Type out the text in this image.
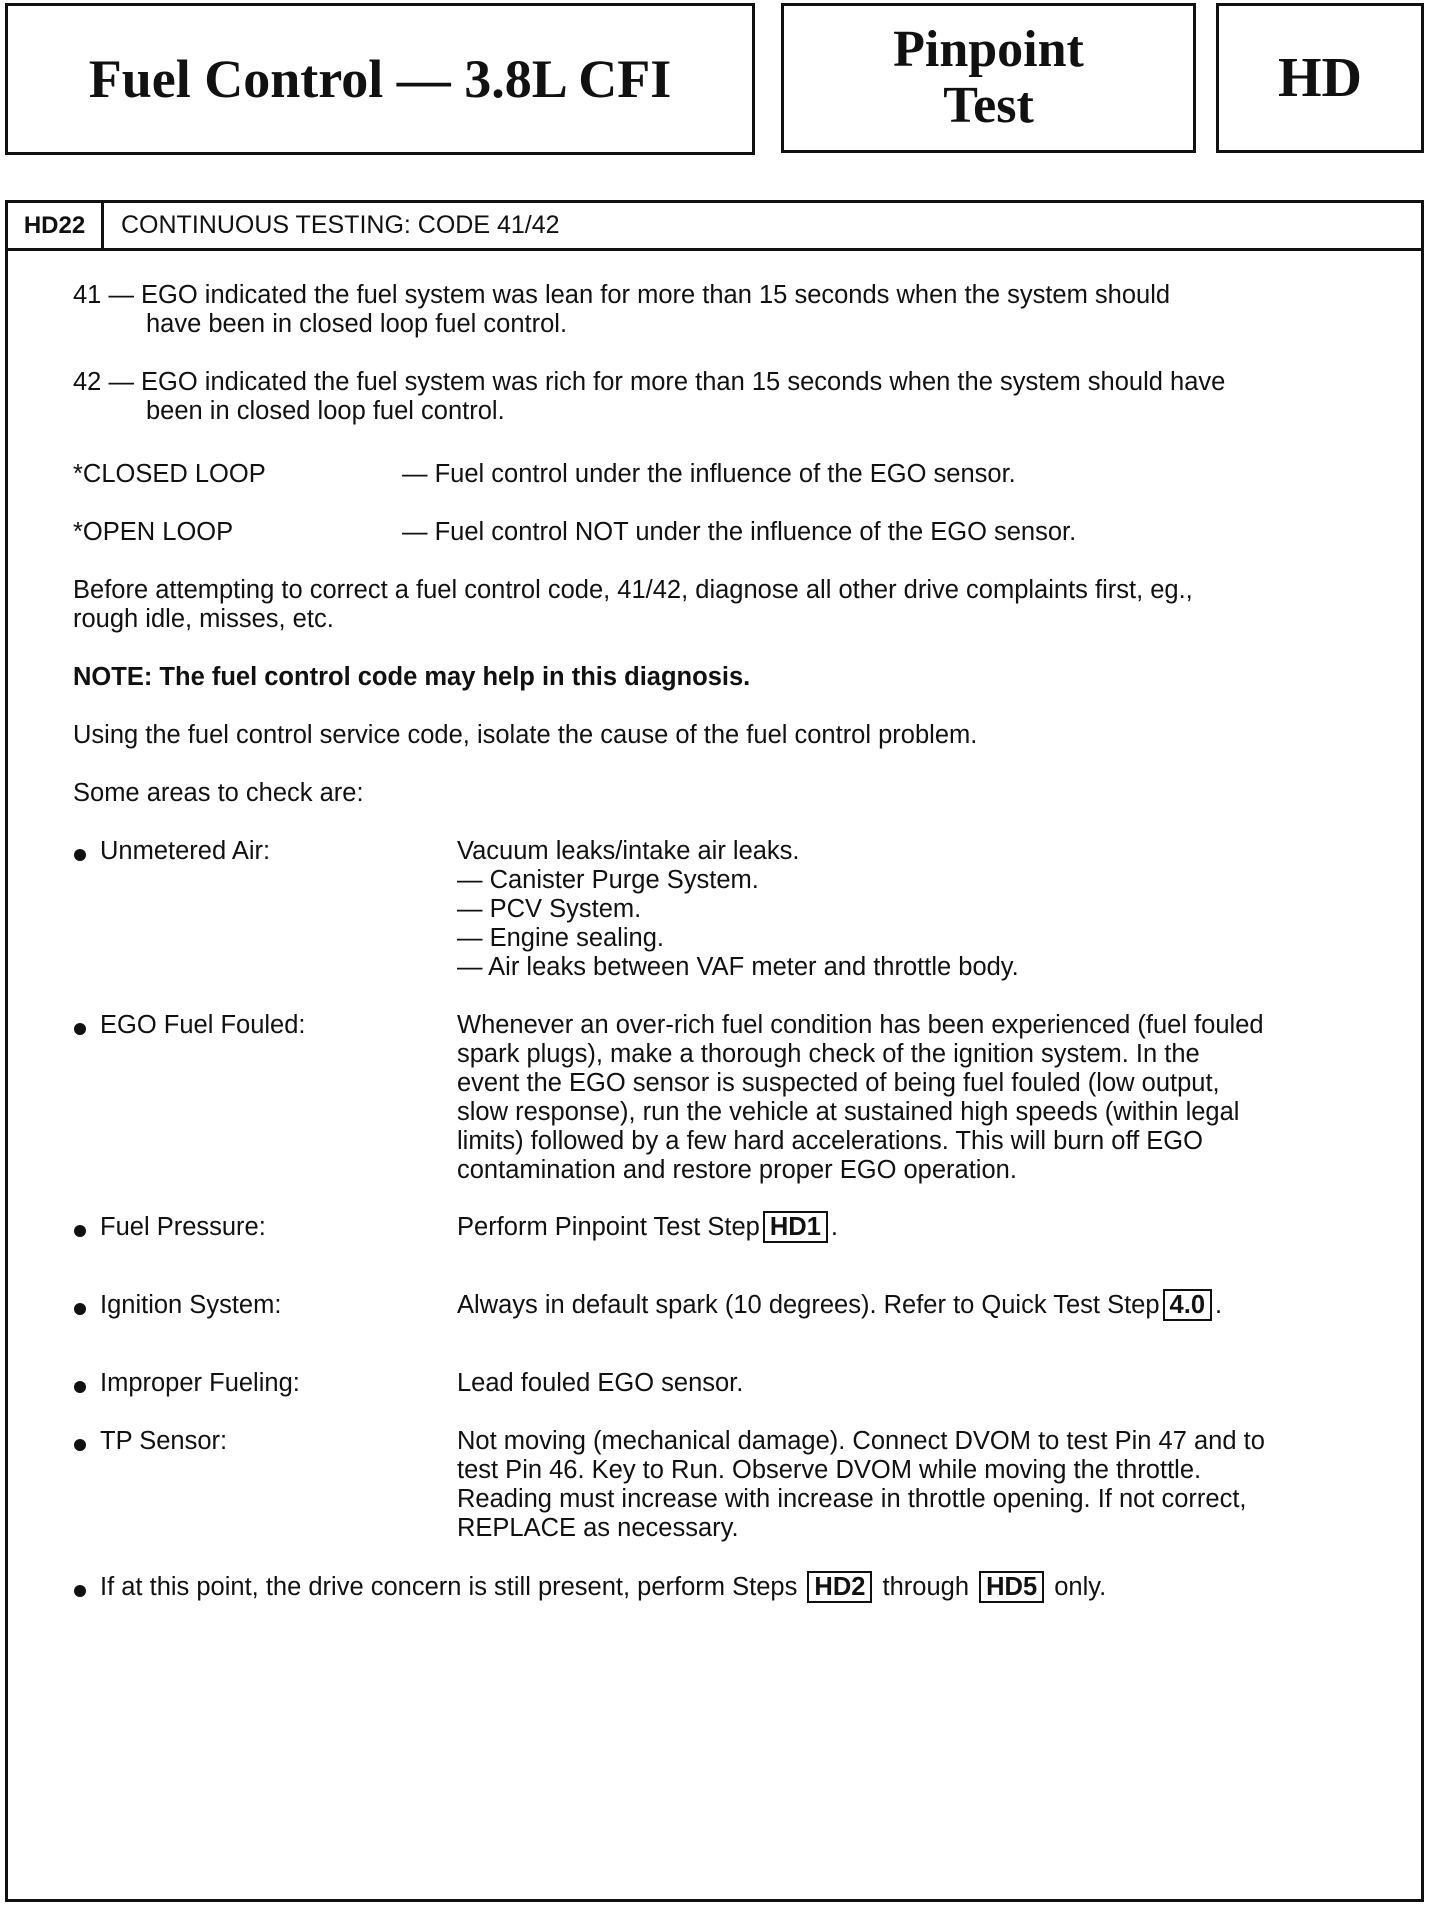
Fuel Control — 3.8L CFI	Pinpoint
Test	HD
HD22	CONTINUOUS TESTING: CODE 41/42
41 — EGO indicated the fuel system was lean for more than 15 seconds when the system should
have been in closed loop fuel control.
42 — EGO indicated the fuel system was rich for more than 15 seconds when the system should have
been in closed loop fuel control.
*CLOSED LOOP	— Fuel control under the influence of the EGO sensor.
*OPEN LOOP	— Fuel control NOT under the influence of the EGO sensor.
Before attempting to correct a fuel control code, 41/42, diagnose all other drive complaints first, eg.,
rough idle, misses, etc.
NOTE: The fuel control code may help in this diagnosis.
Using the fuel control service code, isolate the cause of the fuel control problem.
Some areas to check are:
Unmetered Air:	Vacuum leaks/intake air leaks.
— Canister Purge System.
— PCV System.
— Engine sealing.
— Air leaks between VAF meter and throttle body.
EGO Fuel Fouled:	Whenever an over-rich fuel condition has been experienced (fuel fouled
spark plugs), make a thorough check of the ignition system. In the
event the EGO sensor is suspected of being fuel fouled (low output,
slow response), run the vehicle at sustained high speeds (within legal
limits) followed by a few hard accelerations. This will burn off EGO
contamination and restore proper EGO operation.
Fuel Pressure:	Perform Pinpoint Test Step HD1 .
Ignition System:	Always in default spark (10 degrees). Refer to Quick Test Step 4.0 .
Improper Fueling:	Lead fouled EGO sensor.
TP Sensor:	Not moving (mechanical damage). Connect DVOM to test Pin 47 and to
test Pin 46. Key to Run. Observe DVOM while moving the throttle.
Reading must increase with increase in throttle opening. If not correct,
REPLACE as necessary.
If at this point, the drive concern is still present, perform Steps HD2 through HD5 only.
